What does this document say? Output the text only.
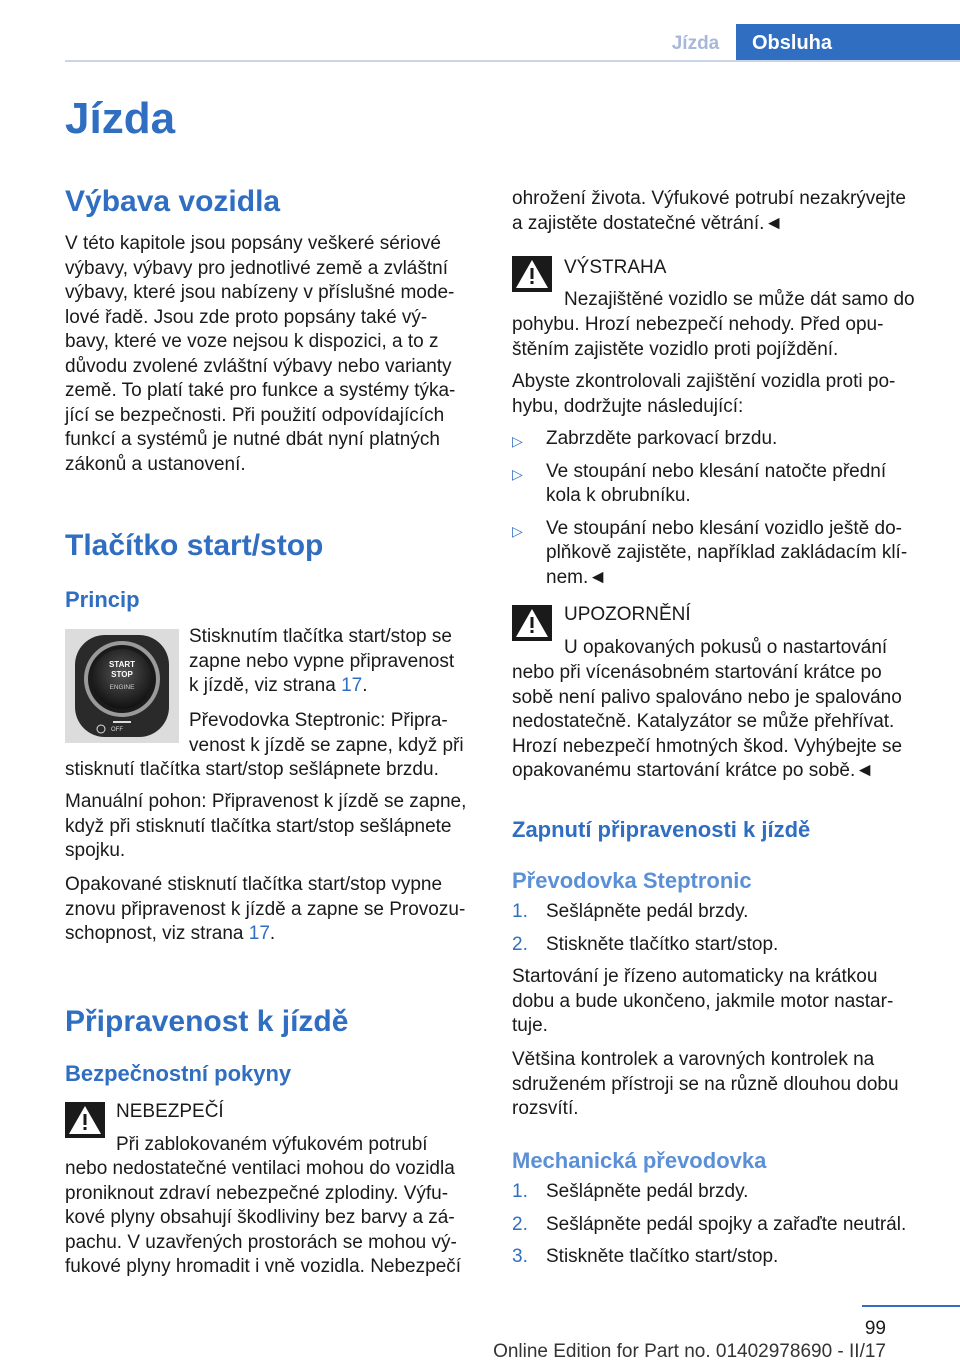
Jízda	Obsluha
Jízda
Výbava vozidla
V této kapitole jsou popsány veškeré sériové
výbavy, výbavy pro jednotlivé země a zvláštní
výbavy, které jsou nabízeny v příslušné mode-
lové řadě. Jsou zde proto popsány také vý-
bavy, které ve voze nejsou k dispozici, a to z
důvodu zvolené zvláštní výbavy nebo varianty
země. To platí také pro funkce a systémy týka-
jící se bezpečnosti. Při použití odpovídajících
funkcí a systémů je nutné dbát nyní platných
zákonů a ustanovení.
Tlačítko start/stop
Princip
START
STOP
ENGINE
OFF
Stisknutím tlačítka start/stop se
zapne nebo vypne připravenost
k jízdě, viz strana 17.
Převodovka Steptronic: Připra-
venost k jízdě se zapne, když při
stisknutí tlačítka start/stop sešlápnete brzdu.
Manuální pohon: Připravenost k jízdě se zapne,
když při stisknutí tlačítka start/stop sešlápnete
spojku.
Opakované stisknutí tlačítka start/stop vypne
znovu připravenost k jízdě a zapne se Provozu-
schopnost, viz strana 17.
Připravenost k jízdě
Bezpečnostní pokyny
NEBEZPEČÍ
Při zablokovaném výfukovém potrubí
nebo nedostatečné ventilaci mohou do vozidla
proniknout zdraví nebezpečné zplodiny. Výfu-
kové plyny obsahují škodliviny bez barvy a zá-
pachu. V uzavřených prostorách se mohou vý-
fukové plyny hromadit i vně vozidla. Nebezpečí
ohrožení života. Výfukové potrubí nezakrývejte
a zajistěte dostatečné větrání.◄
VÝSTRAHA
Nezajištěné vozidlo se může dát samo do
pohybu. Hrozí nebezpečí nehody. Před opu-
štěním zajistěte vozidlo proti pojíždění.
Abyste zkontrolovali zajištění vozidla proti po-
hybu, dodržujte následující:
▷ Zabrzděte parkovací brzdu.
▷ Ve stoupání nebo klesání natočte přední
kola k obrubníku.
▷ Ve stoupání nebo klesání vozidlo ještě do-
plňkově zajistěte, například zakládacím klí-
nem.◄
UPOZORNĚNÍ
U opakovaných pokusů o nastartování
nebo při vícenásobném startování krátce po
sobě není palivo spalováno nebo je spalováno
nedostatečně. Katalyzátor se může přehřívat.
Hrozí nebezpečí hmotných škod. Vyhýbejte se
opakovanému startování krátce po sobě.◄
Zapnutí připravenosti k jízdě
Převodovka Steptronic
1. Sešlápněte pedál brzdy.
2. Stiskněte tlačítko start/stop.
Startování je řízeno automaticky na krátkou
dobu a bude ukončeno, jakmile motor nastar-
tuje.
Většina kontrolek a varovných kontrolek na
sdruženém přístroji se na různě dlouhou dobu
rozsvítí.
Mechanická převodovka
1. Sešlápněte pedál brzdy.
2. Sešlápněte pedál spojky a zařaďte neutrál.
3. Stiskněte tlačítko start/stop.
99
Online Edition for Part no. 01402978690 - II/17
